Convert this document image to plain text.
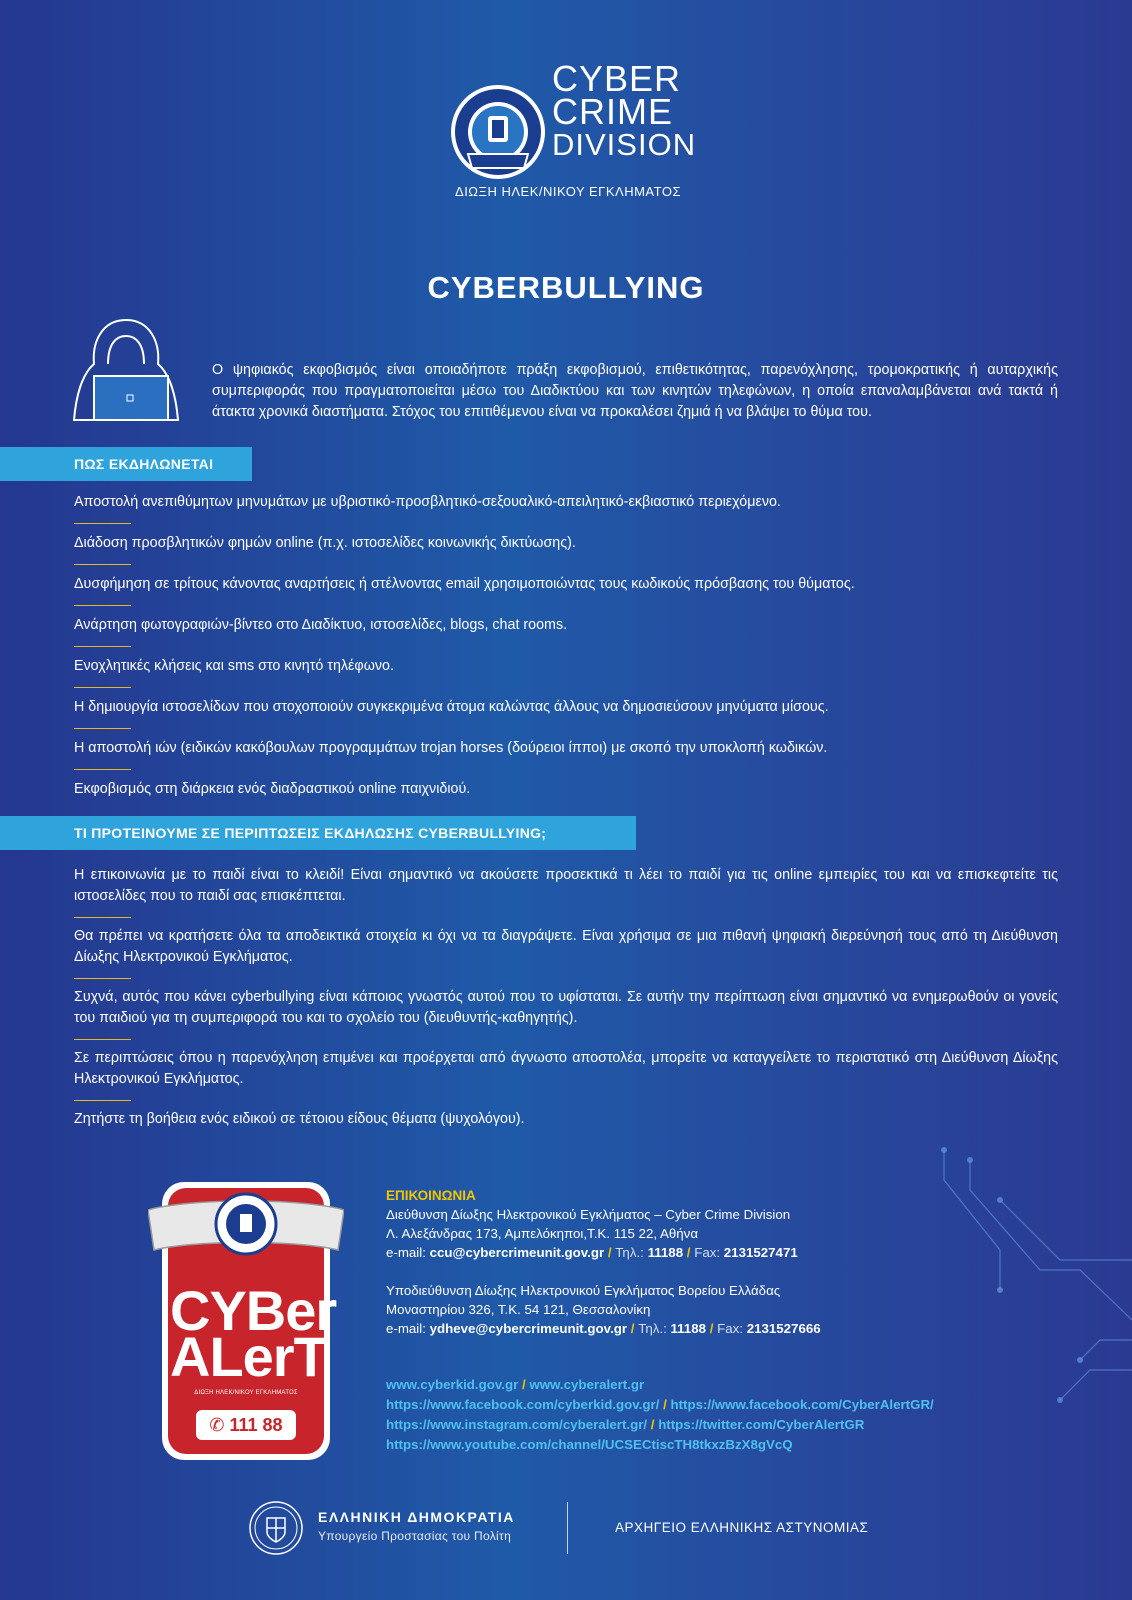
CYBER
CRIME
DIVISION
ΔΙΩΞΗ ΗΛΕΚ/ΝΙΚΟΥ ΕΓΚΛΗΜΑΤΟΣ
CYBERBULLYING

Ο ψηφιακός εκφοβισμός είναι οποιαδήποτε πράξη εκφοβισμού, επιθετικότητας, παρενόχλησης, τρομοκρατικής ή αυταρχικής συμπεριφοράς που πραγματοποιείται μέσω του Διαδικτύου και των κινητών τηλεφώνων, η οποία επαναλαμβάνεται ανά τακτά ή άτακτα χρονικά διαστήματα. Στόχος του επιτιθέμενου είναι να προκαλέσει ζημιά ή να βλάψει το θύμα του.

ΠΩΣ ΕΚΔΗΛΩΝΕΤΑΙ
Αποστολή ανεπιθύμητων μηνυμάτων με υβριστικό-προσβλητικό-σεξουαλικό-απειλητικό-εκβιαστικό περιεχόμενο.
Διάδοση προσβλητικών φημών online (π.χ. ιστοσελίδες κοινωνικής δικτύωσης).
Δυσφήμηση σε τρίτους κάνοντας αναρτήσεις ή στέλνοντας email χρησιμοποιώντας τους κωδικούς πρόσβασης του θύματος.
Ανάρτηση φωτογραφιών-βίντεο στο Διαδίκτυο, ιστοσελίδες, blogs, chat rooms.
Ενοχλητικές κλήσεις και sms στο κινητό τηλέφωνο.
Η δημιουργία ιστοσελίδων που στοχοποιούν συγκεκριμένα άτομα καλώντας άλλους να δημοσιεύσουν μηνύματα μίσους.
Η αποστολή ιών (ειδικών κακόβουλων προγραμμάτων trojan horses (δούρειοι ίπποι) με σκοπό την υποκλοπή κωδικών.
Εκφοβισμός στη διάρκεια ενός διαδραστικού online παιχνιδιού.
ΤΙ ΠΡΟΤΕΙΝΟΥΜΕ ΣΕ ΠΕΡΙΠΤΩΣΕΙΣ ΕΚΔΗΛΩΣΗΣ CYBERBULLYING;
Η επικοινωνία με το παιδί είναι το κλειδί! Είναι σημαντικό να ακούσετε προσεκτικά τι λέει το παιδί για τις online εμπειρίες του και να επισκεφτείτε τις ιστοσελίδες που το παιδί σας επισκέπτεται.
Θα πρέπει να κρατήσετε όλα τα αποδεικτικά στοιχεία κι όχι να τα διαγράψετε. Είναι χρήσιμα σε μια πιθανή ψηφιακή διερεύνησή τους από τη Διεύθυνση Δίωξης Ηλεκτρονικού Εγκλήματος.
Συχνά, αυτός που κάνει cyberbullying είναι κάποιος γνωστός αυτού που το υφίσταται. Σε αυτήν την περίπτωση είναι σημαντικό να ενημερωθούν οι γονείς του παιδιού για τη συμπεριφορά του και το σχολείο του (διευθυντής-καθηγητής).
Σε περιπτώσεις όπου η παρενόχληση επιμένει και προέρχεται από άγνωστο αποστολέα, μπορείτε να καταγγείλετε το περιστατικό στη Διεύθυνση Δίωξης Ηλεκτρονικού Εγκλήματος.
Ζητήστε τη βοήθεια ενός ειδικού σε τέτοιου είδους θέματα (ψυχολόγου).
CYBer
ALerT
ΔΙΩΞΗ ΗΛΕΚ/ΝΙΚΟΥ ΕΓΚΛΗΜΑΤΟΣ
✆ 111 88
ΕΠΙΚΟΙΝΩΝΙΑ
Διεύθυνση Δίωξης Ηλεκτρονικού Εγκλήματος – Cyber Crime Division
Λ. Αλεξάνδρας 173, Αμπελόκηποι,Τ.Κ. 115 22, Αθήνα
e-mail: ccu@cybercrimeunit.gov.gr / Τηλ.: 11188 / Fax: 2131527471
Υποδιεύθυνση Δίωξης Ηλεκτρονικού Εγκλήματος Βορείου Ελλάδας
Μοναστηρίου 326, Τ.Κ. 54 121, Θεσσαλονίκη
e-mail: ydheve@cybercrimeunit.gov.gr / Τηλ.: 11188 / Fax: 2131527666
www.cyberkid.gov.gr / www.cyberalert.gr
https://www.facebook.com/cyberkid.gov.gr/ / https://www.facebook.com/CyberAlertGR/
https://www.instagram.com/cyberalert.gr/ / https://twitter.com/CyberAlertGR
https://www.youtube.com/channel/UCSECtiscTH8tkxzBzX8gVcQ
ΕΛΛΗΝΙΚΗ ΔΗΜΟΚΡΑΤΙΑ
Υπουργείο Προστασίας του Πολίτη
ΑΡΧΗΓΕΙΟ ΕΛΛΗΝΙΚΗΣ ΑΣΤΥΝΟΜΙΑΣ
